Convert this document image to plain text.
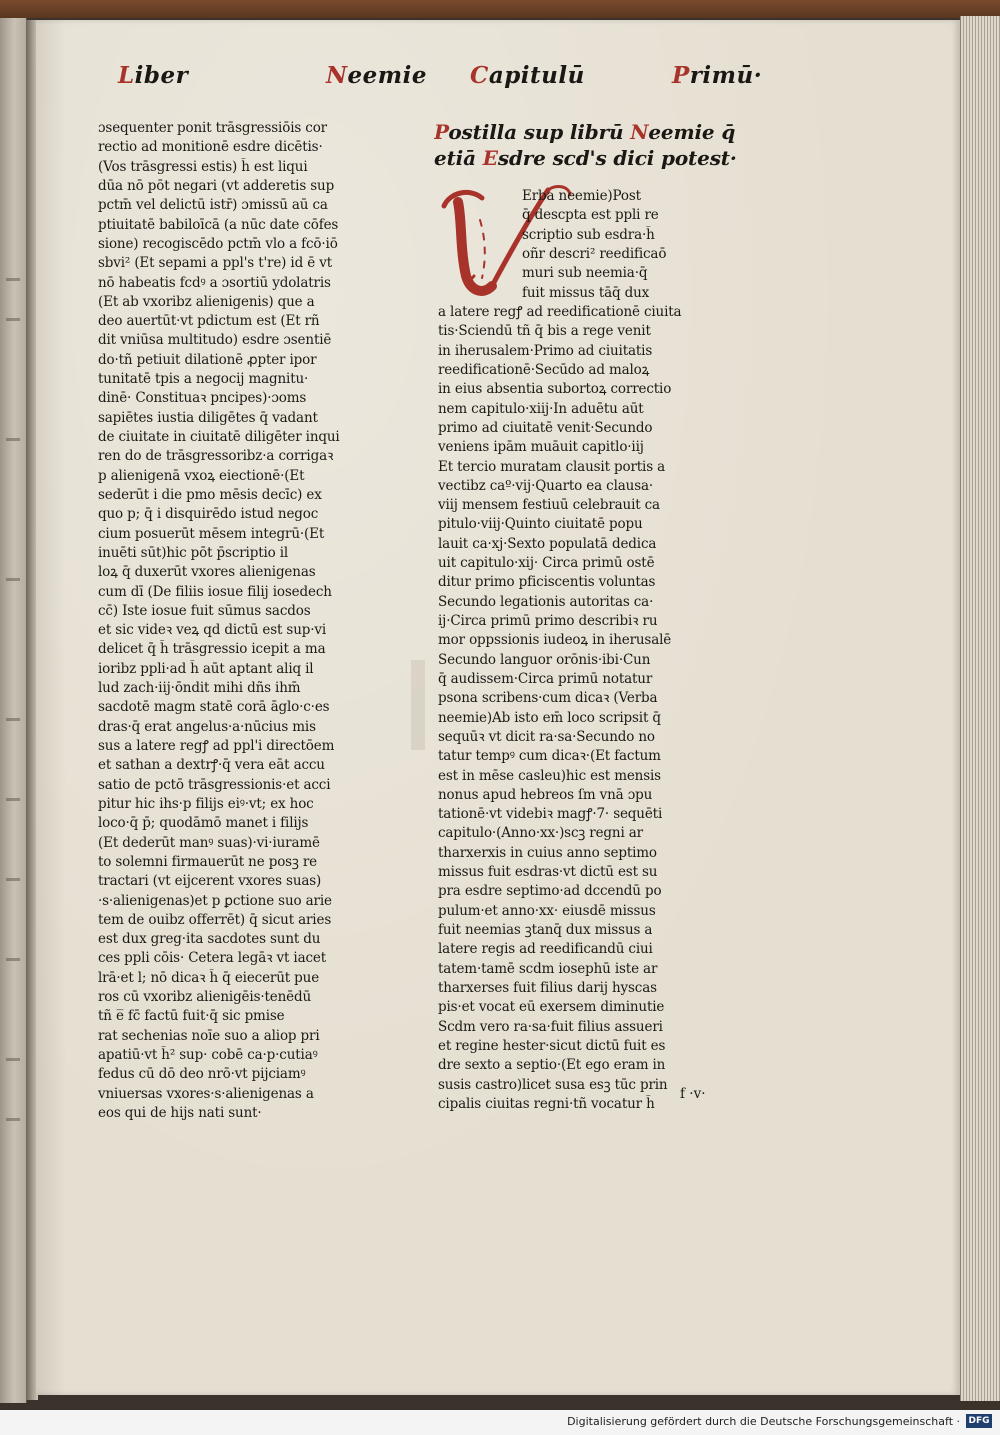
Liber	Neemie Capitulū	Primū·
ɔsequenter ponit trāsgressiōis cor
rectio ad monitionē esdre dicētis·
(Vos trāsgressi estis) h̄ est liqui
dūa nō pōt negari (vt adderetis sup
pctm̄ vel delictū istr̄) ɔmissū aū ca
ptiuitatē babiloīcā (a nūc date cōfes
sione) recogiscēdo pctm̄ vlo a fcō·iō
sbvi² (Et sepami a ppl's t're) id ē vt
nō habeatis fcdꝰ a ɔsortiū ydolatris
(Et ab vxoribz alienigenis) que a
deo auertūt·vt pdictum est (Et rñ
dit vniūsa multitudo) esdre ɔsentiē
do·tñ petiuit dilationē ꝓpter ipor
tunitatē tpis a negocij magnitu·
dinē· Constituaꝛ pncipes)·ɔoms
sapiētes iustia diligētes q̄ vadant
de ciuitate in ciuitatē diligēter inqui
ren do de trāsgressoribz·a corrigaꝛ
p alienigenā vxoꝝ eiectionē·(Et
sederūt i die pmo mēsis decīc) ex
quo p; q̄ i disquirēdo istud negoc
cium posuerūt mēsem integrū·(Et
inuēti sūt)hic pōt p̄scriptio il
loꝝ q̄ duxerūt vxores alienigenas
cum dī (De filiis iosue filij iosedech
cc̄) Iste iosue fuit sūmus sacdos
et sic videꝛ veꝝ qd dictū est sup·vi
delicet q̄ h̄ trāsgressio icepit a ma
ioribz ppli·ad h̄ aūt aptant aliq il
lud zach·iij·ōndit mihi dñs ihm̄
sacdotē magm statē corā āglo·c·es
dras·q̄ erat angelus·a·nūcius mis
sus a latere regꝭ ad ppl'i directōem
et sathan a dextrꝭ·q̄ vera eāt accu
satio de pctō trāsgressionis·et acci
pitur hic ihs·p filijs eiꝰ·vt; ex hoc
loco·q̄ p̄; quodāmō manet i filijs
(Et dederūt manꝰ suas)·vi·iuramē
to solemni firmauerūt ne posꝫ re
tractari (vt eijcerent vxores suas)
·s·alienigenas)et p ꝑctione suo arie
tem de ouibz offerrēt) q̄ sicut aries
est dux greg·ita sacdotes sunt du
ces ppli cōis· Cetera legāꝛ vt iacet
lrā·et l; nō dicaꝛ h̄ q̄ eiecerūt pue
ros cū vxoribz alienigēis·tenēdū
tñ e̅ fc̄ factū fuit·q̄ sic pmise
rat sechenias noīe suo a aliop pri
apatiū·vt h̄² sup· cobē ca·p·cutiaꝰ
fedus cū dō deo nrō·vt pijciamꝰ
vniuersas vxores·s·alienigenas a
eos qui de hijs nati sunt·
Postilla sup librū Neemie q̄
etiā Esdre scd's dici potest·
V
Erba neemie)Post
q̄ descpta est ppli re
scriptio sub esdra·h̄
oñr descri² reedificaō
muri sub neemia·q̄
fuit missus tāq̄ dux
a latere regꝭ ad reedificationē ciuita
tis·Sciendū tñ q̄ bis a rege venit
in iherusalem·Primo ad ciuitatis
reedificationē·Secūdo ad maloꝝ
in eius absentia subortoꝝ correctio
nem capitulo·xiij·In aduētu aūt
primo ad ciuitatē venit·Secundo
veniens ipām muāuit capitlo·iij
Et tercio muratam clausit portis a
vectibz caº·vij·Quarto ea clausa·
viij mensem festiuū celebrauit ca
pitulo·viij·Quinto ciuitatē popu
lauit ca·xj·Sexto populatā dedica
uit capitulo·xij· Circa primū ostē
ditur primo pficiscentis voluntas
Secundo legationis autoritas ca·
ij·Circa primū primo describiꝛ ru
mor oppssionis iudeoꝝ in iherusalē
Secundo languor orōnis·ibi·Cun
q̄ audissem·Circa primū notatur
psona scribens·cum dicaꝛ (Verba
neemie)Ab isto em̄ loco scripsit q̄
sequūꝛ vt dicit ra·sa·Secundo no
tatur tempꝰ cum dicaꝛ·(Et factum
est in mēse casleu)hic est mensis
nonus apud hebreos ſm vnā ɔpu
tationē·vt videbiꝛ magꝭ·7· sequēti
capitulo·(Anno·xx·)scꝫ regni ar
tharxerxis in cuius anno septimo
missus fuit esdras·vt dictū est su
pra esdre septimo·ad dccendū po
pulum·et anno·xx· eiusdē missus
fuit neemias ꝫtanq̄ dux missus a
latere regis ad reedificandū ciui
tatem·tamē scdm iosephū iste ar
tharxerses fuit filius darij hyscas
pis·et vocat eū exersem diminutie
Scdm vero ra·sa·fuit filius assueri
et regine hester·sicut dictū fuit es
dre sexto a septio·(Et ego eram in
susis castro)licet susa esꝫ tūc prin
cipalis ciuitas regni·tñ vocatur h̄
f ·v·
Digitalisierung gefördert durch die Deutsche Forschungsgemeinschaft · DFG
